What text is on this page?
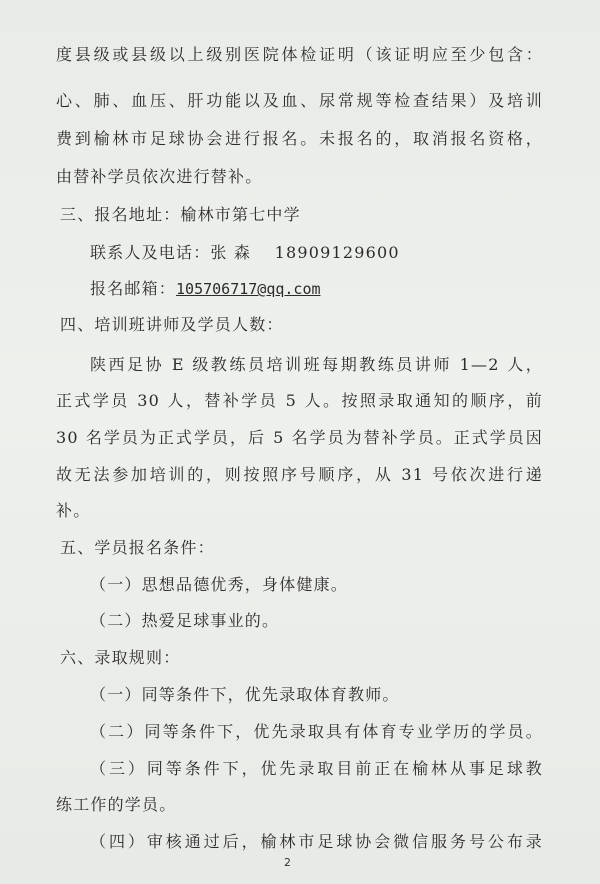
度县级或县级以上级别医院体检证明（该证明应至少包含：
心、肺、血压、肝功能以及血、尿常规等检查结果）及培训
费到榆林市足球协会进行报名。未报名的，取消报名资格，
由替补学员依次进行替补。
三、报名地址：榆林市第七中学
联系人及电话：张 森　 18909129600
报名邮箱：105706717@qq.com
四、培训班讲师及学员人数：
陕西足协 E 级教练员培训班每期教练员讲师 1—2 人，
正式学员 30 人，替补学员 5 人。按照录取通知的顺序，前
30 名学员为正式学员，后 5 名学员为替补学员。正式学员因
故无法参加培训的，则按照序号顺序，从 31 号依次进行递
补。
五、学员报名条件：
（一）思想品德优秀，身体健康。
（二）热爱足球事业的。
六、录取规则：
（一）同等条件下，优先录取体育教师。
（二）同等条件下，优先录取具有体育专业学历的学员。
（三）同等条件下，优先录取目前正在榆林从事足球教
练工作的学员。
（四）审核通过后，榆林市足球协会微信服务号公布录
2
